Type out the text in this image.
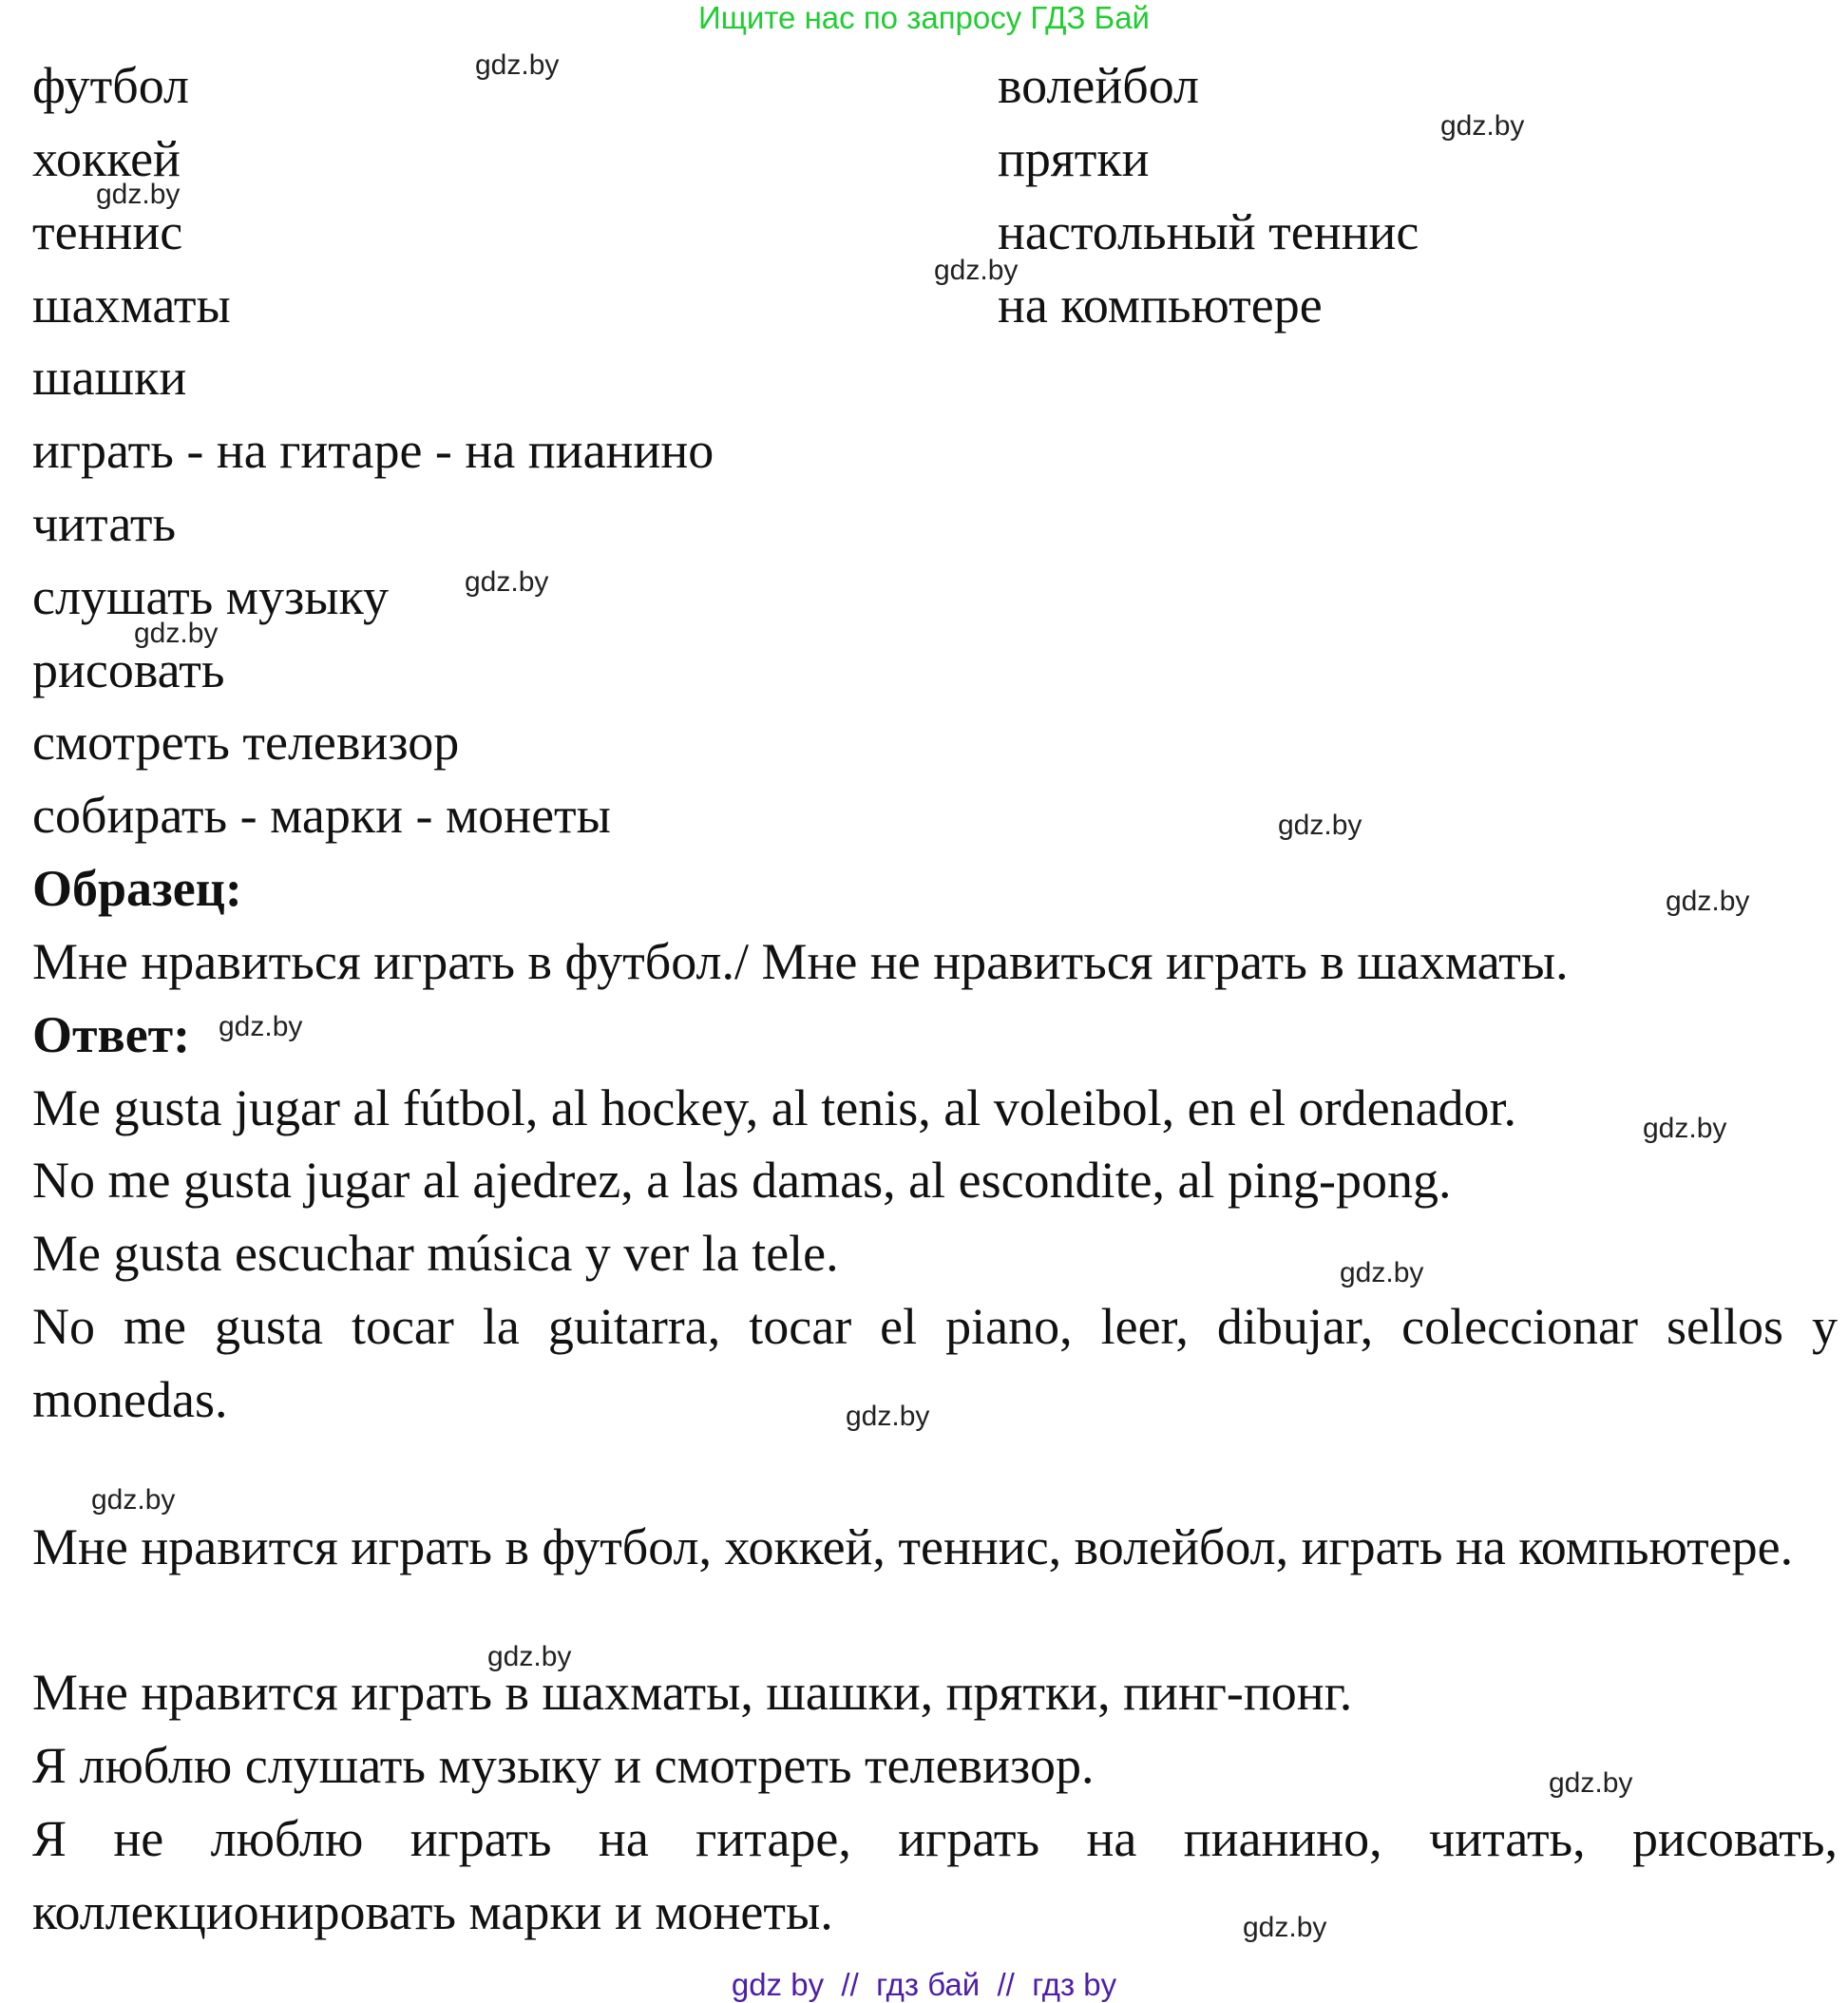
Ищите нас по запросу ГДЗ Бай
футбол
хоккей
теннис
шахматы
шашки
играть - на гитаре - на пианино
читать
слушать музыку
рисовать
смотреть телевизор
собирать - марки - монеты
волейбол
прятки
настольный теннис
на компьютере
Образец:
Мне нравиться играть в футбол./ Мне не нравиться играть в шахматы.
Ответ:
Me gusta jugar al fútbol, al hockey, al tenis, al voleibol, en el ordenador.
No me gusta jugar al ajedrez, a las damas, al escondite, al ping-pong.
Me gusta escuchar música y ver la tele.
No me gusta tocar la guitarra, tocar el piano, leer, dibujar, coleccionar sellos y monedas.
Мне нравится играть в футбол, хоккей, теннис, волейбол, играть на компьютере.
Мне нравится играть в шахматы, шашки, прятки, пинг-понг.
Я люблю слушать музыку и смотреть телевизор.
Я не люблю играть на гитаре, играть на пианино, читать, рисовать, коллекционировать марки и монеты.
gdz.by
gdz.by
gdz.by
gdz.by
gdz.by
gdz.by
gdz.by
gdz.by
gdz.by
gdz.by
gdz.by
gdz.by
gdz.by
gdz.by
gdz.by
gdz.by
gdz by // гдз бай // гдз by
